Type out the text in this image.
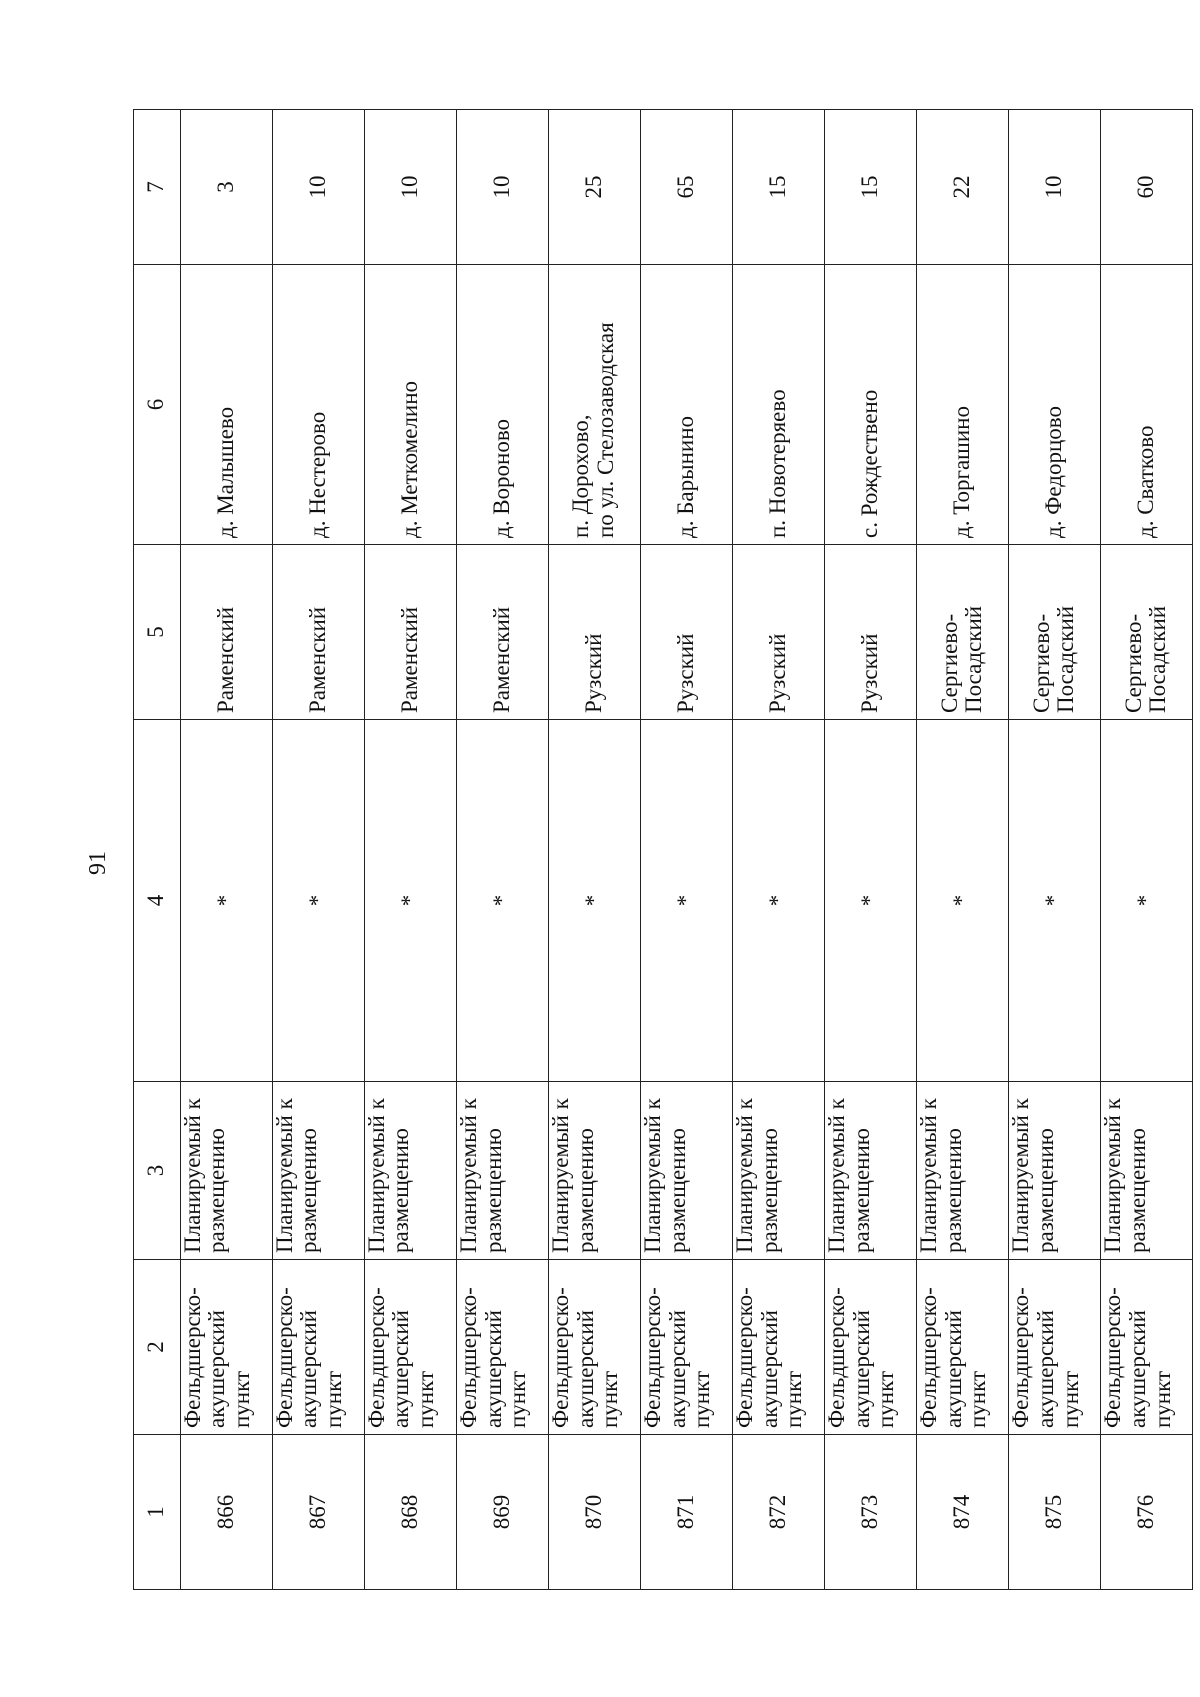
91
1	2	3	4	5	6	7

866	Фельдшерско-
акушерский
пункт	Планируемый к
размещению	*	Раменский	д. Малышево	3

867	Фельдшерско-
акушерский
пункт	Планируемый к
размещению	*	Раменский	д. Нестерово	10

868	Фельдшерско-
акушерский
пункт	Планируемый к
размещению	*	Раменский	д. Меткомелино	10

869	Фельдшерско-
акушерский
пункт	Планируемый к
размещению	*	Раменский	д. Вороново	10

870	Фельдшерско-
акушерский
пункт	Планируемый к
размещению	*	Рузский	п. Дорохово,
по ул. Стелозаводская	25

871	Фельдшерско-
акушерский
пункт	Планируемый к
размещению	*	Рузский	д. Барынино	65

872	Фельдшерско-
акушерский
пункт	Планируемый к
размещению	*	Рузский	п. Новотеряево	15

873	Фельдшерско-
акушерский
пункт	Планируемый к
размещению	*	Рузский	с. Рождествено	15

874	Фельдшерско-
акушерский
пункт	Планируемый к
размещению	*	Сергиево-
Посадский	д. Торгашино	22

875	Фельдшерско-
акушерский
пункт	Планируемый к
размещению	*	Сергиево-
Посадский	д. Федорцово	10

876	Фельдшерско-
акушерский
пункт	Планируемый к
размещению	*	Сергиево-
Посадский	д. Сватково	60
